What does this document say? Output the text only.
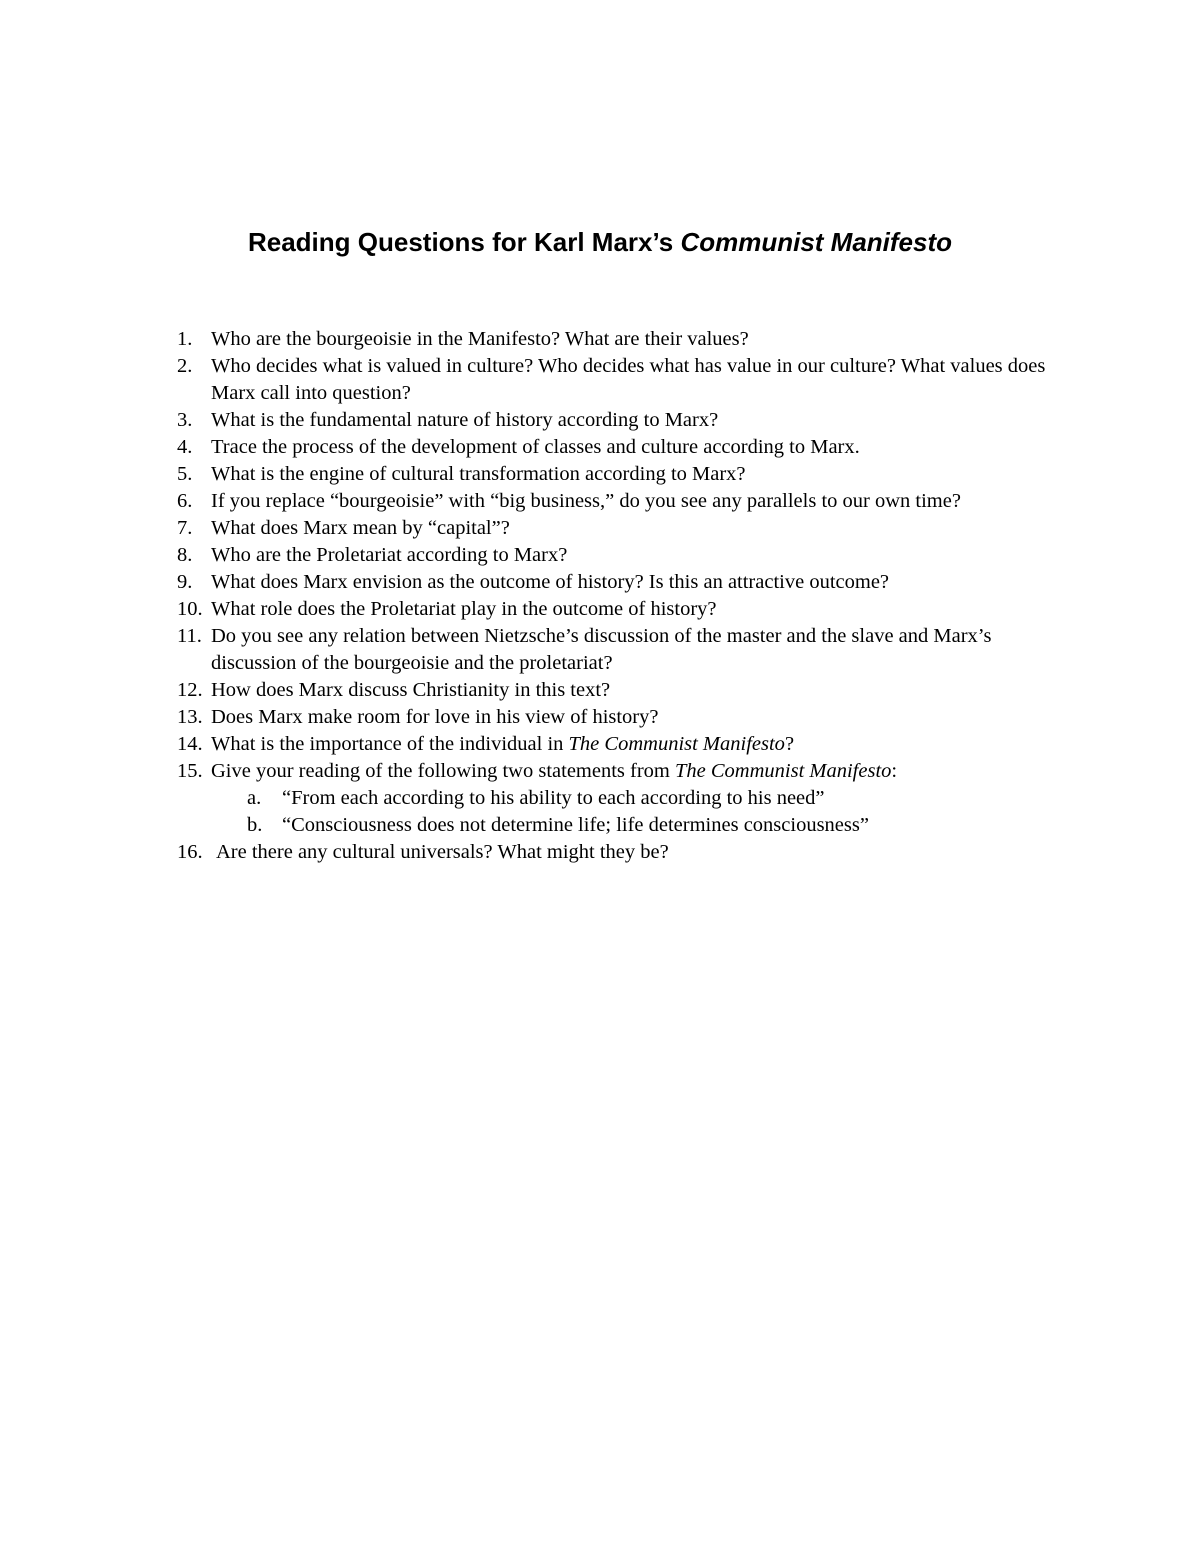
Reading Questions for Karl Marx’s Communist Manifesto
1. Who are the bourgeoisie in the Manifesto? What are their values?
2. Who decides what is valued in culture? Who decides what has value in our culture? What values does Marx call into question?
3. What is the fundamental nature of history according to Marx?
4. Trace the process of the development of classes and culture according to Marx.
5. What is the engine of cultural transformation according to Marx?
6. If you replace “bourgeoisie” with “big business,” do you see any parallels to our own time?
7. What does Marx mean by “capital”?
8. Who are the Proletariat according to Marx?
9. What does Marx envision as the outcome of history? Is this an attractive outcome?
10. What role does the Proletariat play in the outcome of history?
11. Do you see any relation between Nietzsche’s discussion of the master and the slave and Marx’s discussion of the bourgeoisie and the proletariat?
12. How does Marx discuss Christianity in this text?
13. Does Marx make room for love in his view of history?
14. What is the importance of the individual in The Communist Manifesto?
15. Give your reading of the following two statements from The Communist Manifesto:
a. “From each according to his ability to each according to his need”
b. “Consciousness does not determine life; life determines consciousness”
16. Are there any cultural universals? What might they be?
